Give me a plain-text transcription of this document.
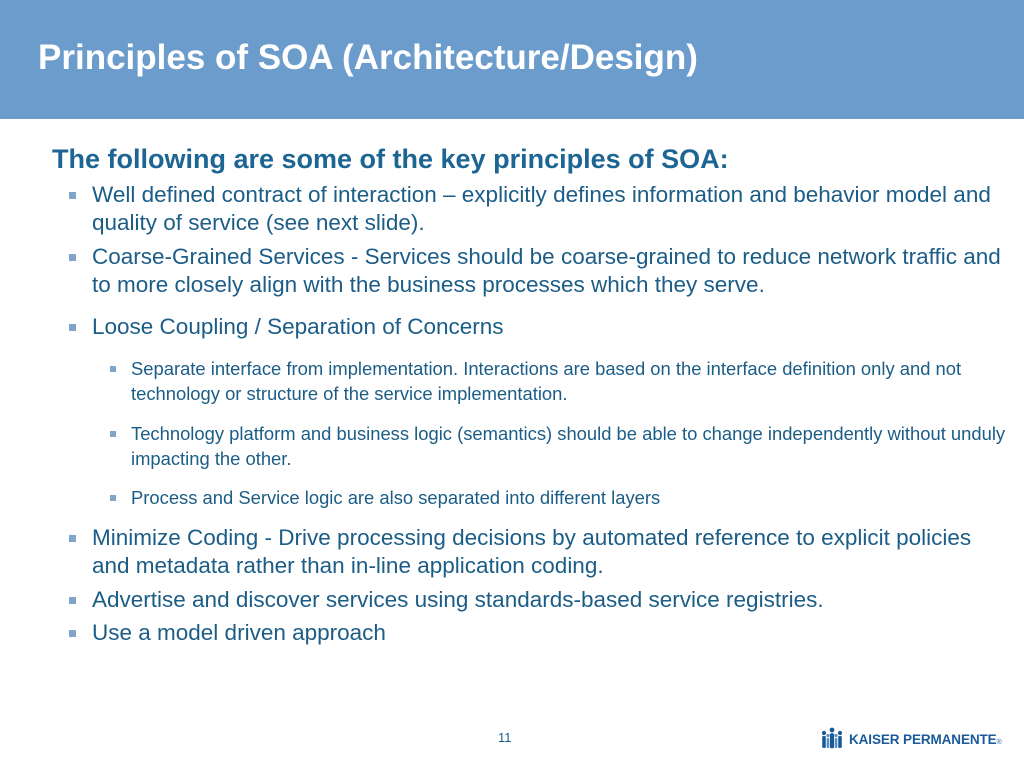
Principles of SOA (Architecture/Design)

The following are some of the key principles of SOA:

Well defined contract of interaction – explicitly defines information and behavior model and quality of service (see next slide).
Coarse-Grained Services - Services should be coarse-grained to reduce network traffic and to more closely align with the business processes which they serve.
Loose Coupling / Separation of Concerns
Separate interface from implementation. Interactions are based on the interface definition only and not technology or structure of the service implementation.
Technology platform and business logic (semantics) should be able to change independently without unduly impacting the other.
Process and Service logic are also separated into different layers
Minimize Coding - Drive processing decisions by automated reference to explicit policies and metadata rather than in-line application coding.
Advertise and discover services using standards-based service registries.
Use a model driven approach
11	KAISER PERMANENTE®
